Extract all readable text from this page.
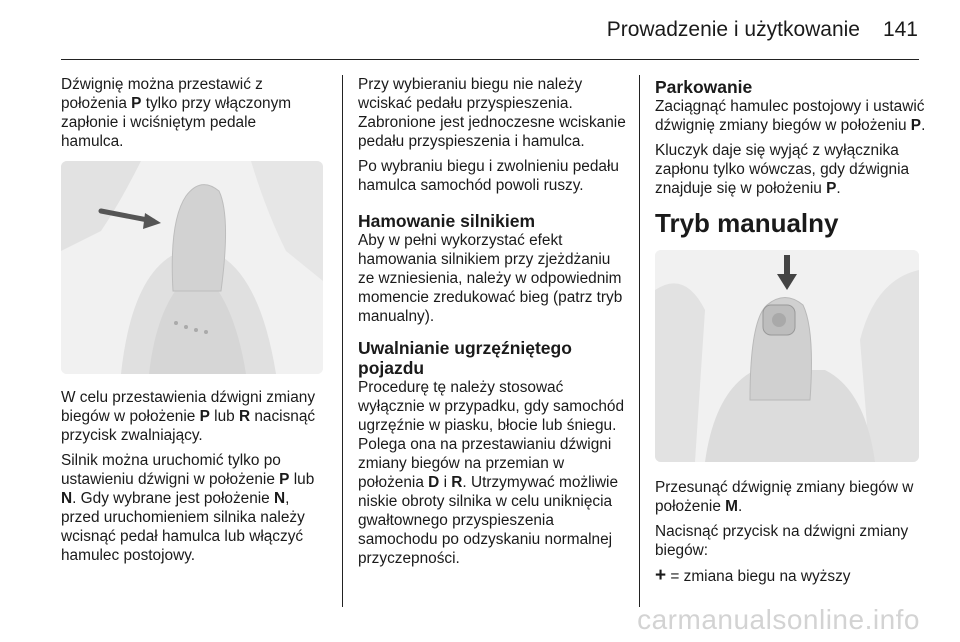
Prowadzenie i użytkowanie 141

Dźwignię można przestawić z
położenia P tylko przy włączonym
zapłonie i wciśniętym pedale
hamulca.

W celu przestawienia dźwigni zmiany biegów w położenie P lub R nacisnąć przycisk zwalniający.

Silnik można uruchomić tylko po ustawieniu dźwigni w położenie P lub N. Gdy wybrane jest położenie N, przed uruchomieniem silnika należy wcisnąć pedał hamulca lub włączyć hamulec postojowy.

Przy wybieraniu biegu nie należy wciskać pedału przyspieszenia. Zabronione jest jednoczesne wciskanie pedału przyspieszenia i hamulca.

Po wybraniu biegu i zwolnieniu pedału hamulca samochód powoli ruszy.

Hamowanie silnikiem

Aby w pełni wykorzystać efekt hamowania silnikiem przy zjeżdżaniu ze wzniesienia, należy w odpowiednim momencie zredukować bieg (patrz tryb manualny).

Uwalnianie ugrzęźniętego pojazdu

Procedurę tę należy stosować wyłącznie w przypadku, gdy samochód ugrzęźnie w piasku, błocie lub śniegu. Polega ona na przestawianiu dźwigni zmiany biegów na przemian w położenia D i R. Utrzymywać możliwie niskie obroty silnika w celu uniknięcia gwałtownego przyspieszenia samochodu po odzyskaniu normalnej przyczepności.

Parkowanie

Zaciągnąć hamulec postojowy i ustawić dźwignię zmiany biegów w położeniu P.

Kluczyk daje się wyjąć z wyłącznika zapłonu tylko wówczas, gdy dźwignia znajduje się w położeniu P.

Tryb manualny

Przesunąć dźwignię zmiany biegów w położenie M.

Nacisnąć przycisk na dźwigni zmiany biegów:

+ = zmiana biegu na wyższy

carmanualsonline.info
